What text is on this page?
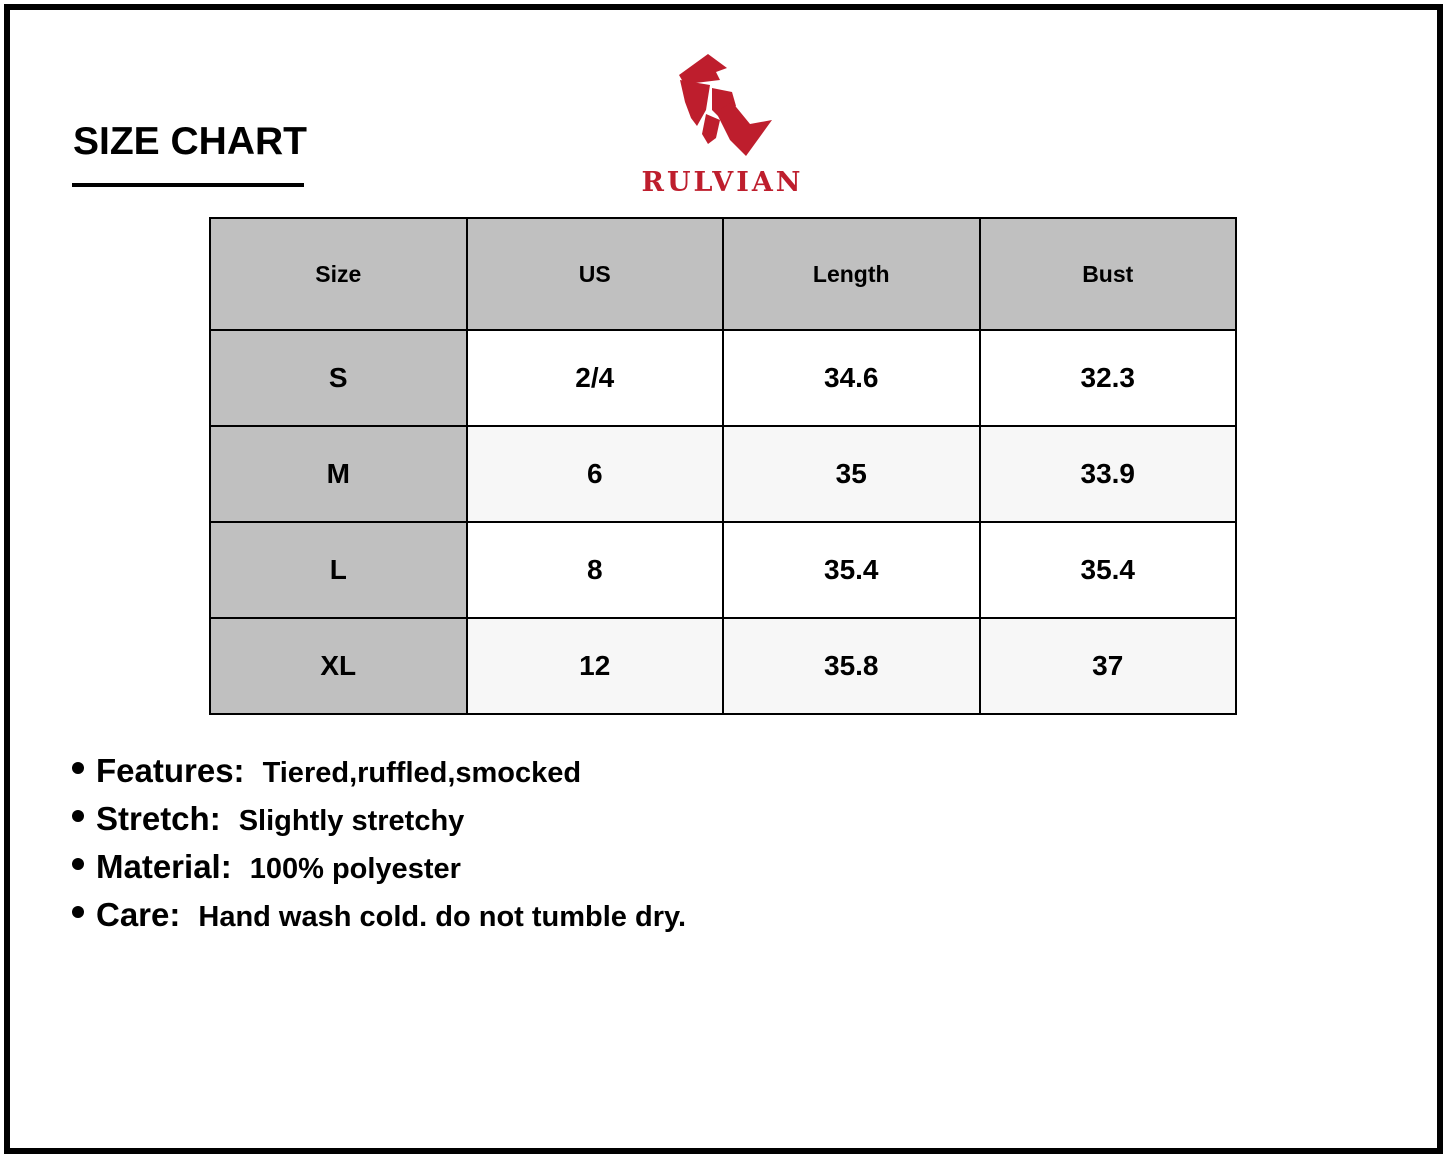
SIZE CHART
RULVIAN
Size	US	Length	Bust
S	2/4	34.6	32.3
M	6	35	33.9
L	8	35.4	35.4
XL	12	35.8	37
Features: Tiered,ruffled,smocked
Stretch: Slightly stretchy
Material: 100% polyester
Care: Hand wash cold. do not tumble dry.
